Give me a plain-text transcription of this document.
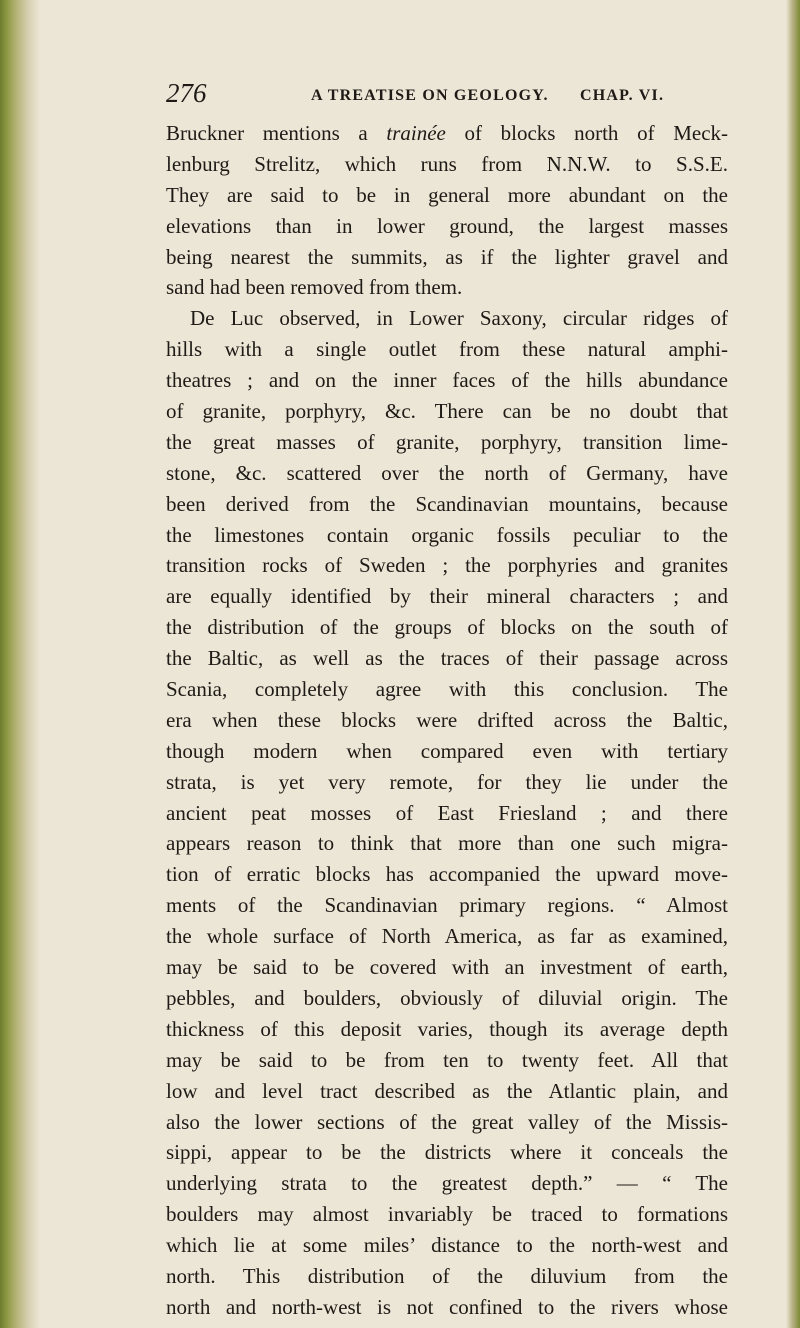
276	A TREATISE ON GEOLOGY. CHAP. VI.
Bruckner mentions a trainée of blocks north of Meck-
lenburg Strelitz, which runs from N.N.W. to S.S.E.
They are said to be in general more abundant on the
elevations than in lower ground, the largest masses
being nearest the summits, as if the lighter gravel and
sand had been removed from them.
De Luc observed, in Lower Saxony, circular ridges of
hills with a single outlet from these natural amphi-
theatres ; and on the inner faces of the hills abundance
of granite, porphyry, &c. There can be no doubt that
the great masses of granite, porphyry, transition lime-
stone, &c. scattered over the north of Germany, have
been derived from the Scandinavian mountains, because
the limestones contain organic fossils peculiar to the
transition rocks of Sweden ; the porphyries and granites
are equally identified by their mineral characters ; and
the distribution of the groups of blocks on the south of
the Baltic, as well as the traces of their passage across
Scania, completely agree with this conclusion. The
era when these blocks were drifted across the Baltic,
though modern when compared even with tertiary
strata, is yet very remote, for they lie under the
ancient peat mosses of East Friesland ; and there
appears reason to think that more than one such migra-
tion of erratic blocks has accompanied the upward move-
ments of the Scandinavian primary regions. “ Almost
the whole surface of North America, as far as examined,
may be said to be covered with an investment of earth,
pebbles, and boulders, obviously of diluvial origin. The
thickness of this deposit varies, though its average depth
may be said to be from ten to twenty feet. All that
low and level tract described as the Atlantic plain, and
also the lower sections of the great valley of the Missis-
sippi, appear to be the districts where it conceals the
underlying strata to the greatest depth.” — “ The
boulders may almost invariably be traced to formations
which lie at some miles’ distance to the north-west and
north. This distribution of the diluvium from the
north and north-west is not confined to the rivers whose
